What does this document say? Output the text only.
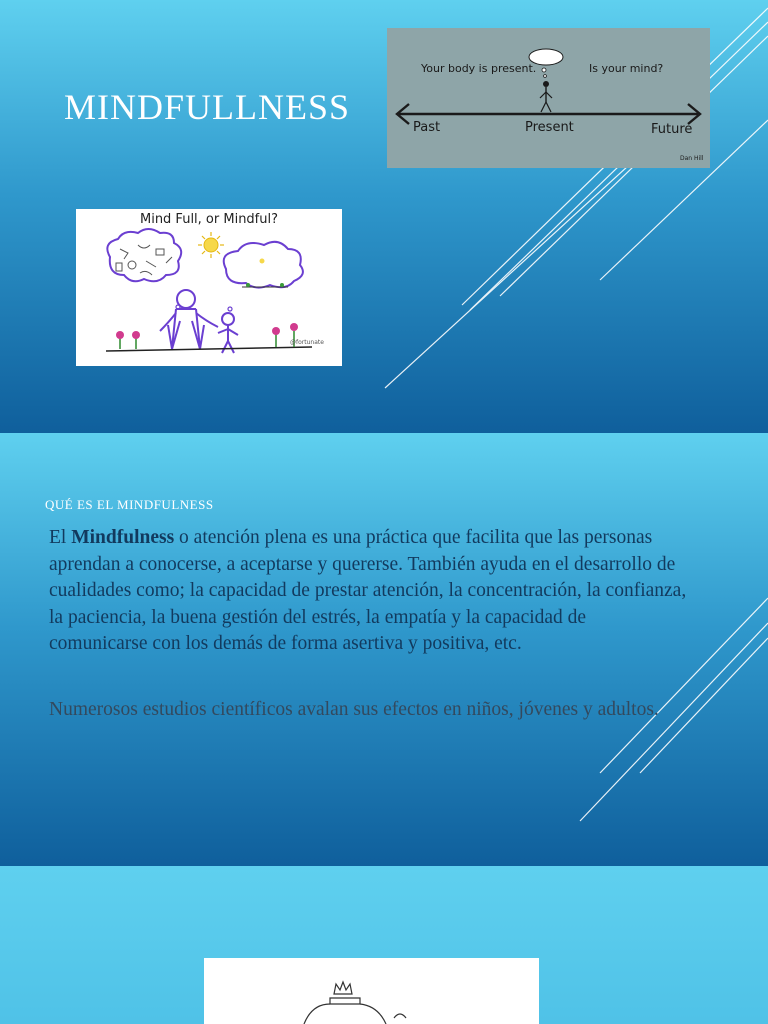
MINDFULLNESS
Your body is present.	Is your mind?
Past	Present	Future
Dan Hill
Mind Full, or Mindful?
@fortunate
QUÉ ES EL MINDFULNESS

El Mindfulness o atención plena es una práctica que facilita que las personas aprendan a conocerse, a aceptarse y quererse. También ayuda en el desarrollo de cualidades como; la capacidad de prestar atención, la concentración, la confianza, la paciencia, la buena gestión del estrés, la empatía y la capacidad de comunicarse con los demás de forma asertiva y positiva, etc.

Numerosos estudios científicos avalan sus efectos en niños, jóvenes y adultos.
